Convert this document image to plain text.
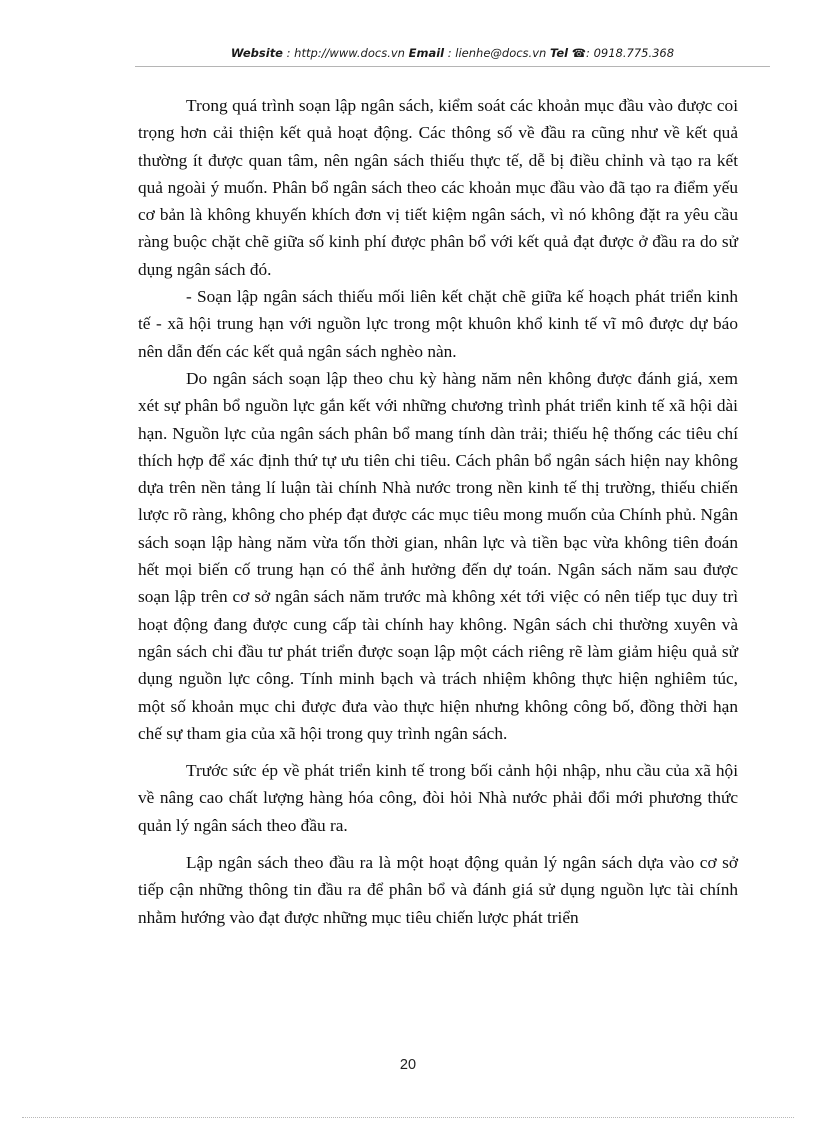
Website : http://www.docs.vn Email : lienhe@docs.vn Tel ☎: 0918.775.368

Trong quá trình soạn lập ngân sách, kiểm soát các khoản mục đầu vào được coi trọng hơn cải thiện kết quả hoạt động. Các thông số về đầu ra cũng như về kết quả thường ít được quan tâm, nên ngân sách thiếu thực tế, dễ bị điều chỉnh và tạo ra kết quả ngoài ý muốn. Phân bổ ngân sách theo các khoản mục đầu vào đã tạo ra điểm yếu cơ bản là không khuyến khích đơn vị tiết kiệm ngân sách, vì nó không đặt ra yêu cầu ràng buộc chặt chẽ giữa số kinh phí được phân bổ với kết quả đạt được ở đầu ra do sử dụng ngân sách đó.

- Soạn lập ngân sách thiếu mối liên kết chặt chẽ giữa kế hoạch phát triển kinh tế - xã hội trung hạn với nguồn lực trong một khuôn khổ kinh tế vĩ mô được dự báo nên dẫn đến các kết quả ngân sách nghèo nàn.

Do ngân sách soạn lập theo chu kỳ hàng năm nên không được đánh giá, xem xét sự phân bổ nguồn lực gắn kết với những chương trình phát triển kinh tế xã hội dài hạn. Nguồn lực của ngân sách phân bổ mang tính dàn trải; thiếu hệ thống các tiêu chí thích hợp để xác định thứ tự ưu tiên chi tiêu. Cách phân bổ ngân sách hiện nay không dựa trên nền tảng lí luận tài chính Nhà nước trong nền kinh tế thị trường, thiếu chiến lược rõ ràng, không cho phép đạt được các mục tiêu mong muốn của Chính phủ. Ngân sách soạn lập hàng năm vừa tốn thời gian, nhân lực và tiền bạc vừa không tiên đoán hết mọi biến cố trung hạn có thể ảnh hưởng đến dự toán. Ngân sách năm sau được soạn lập trên cơ sở ngân sách năm trước mà không xét tới việc có nên tiếp tục duy trì hoạt động đang được cung cấp tài chính hay không. Ngân sách chi thường xuyên và ngân sách chi đầu tư phát triển được soạn lập một cách riêng rẽ làm giảm hiệu quả sử dụng nguồn lực công. Tính minh bạch và trách nhiệm không thực hiện nghiêm túc, một số khoản mục chi được đưa vào thực hiện nhưng không công bố, đồng thời hạn chế sự tham gia của xã hội trong quy trình ngân sách.

Trước sức ép về phát triển kinh tế trong bối cảnh hội nhập, nhu cầu của xã hội về nâng cao chất lượng hàng hóa công, đòi hỏi Nhà nước phải đổi mới phương thức quản lý ngân sách theo đầu ra.

Lập ngân sách theo đầu ra là một hoạt động quản lý ngân sách dựa vào cơ sở tiếp cận những thông tin đầu ra để phân bổ và đánh giá sử dụng nguồn lực tài chính nhằm hướng vào đạt được những mục tiêu chiến lược phát triển

20
